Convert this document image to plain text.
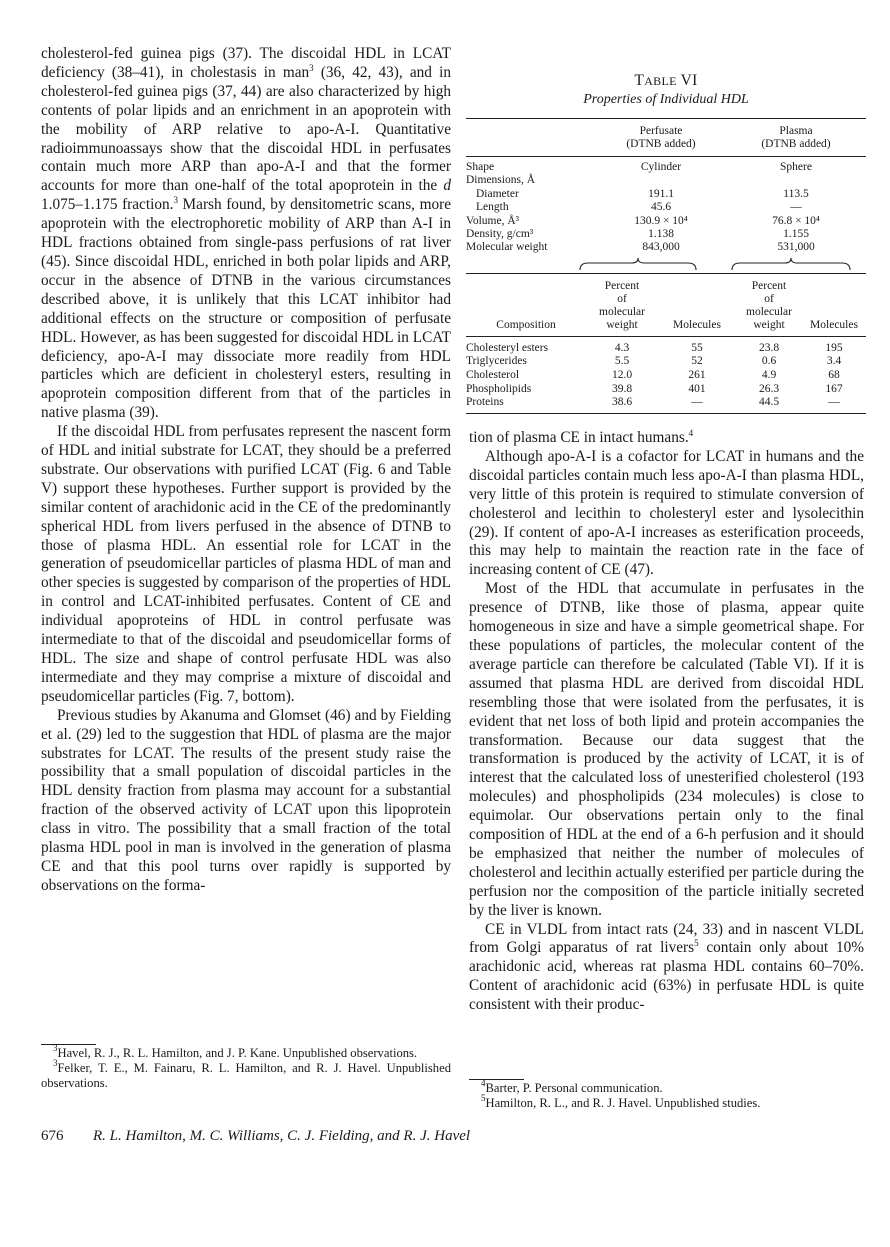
cholesterol-fed guinea pigs (37). The discoidal HDL in LCAT deficiency (38–41), in cholestasis in man$^3$ (36, 42, 43), and in cholesterol-fed guinea pigs (37, 44) are also characterized by high contents of polar lipids and an enrichment in an apoprotein with the mobility of ARP relative to apo-A-I. Quantitative radioimmunoassays show that the discoidal HDL in perfusates contain much more ARP than apo-A-I and that the former accounts for more than one-half of the total apoprotein in the d 1.075–1.175 fraction.$^3$ Marsh found, by densitometric scans, more apoprotein with the electrophoretic mobility of ARP than A-I in HDL fractions obtained from single-pass perfusions of rat liver (45). Since discoidal HDL, enriched in both polar lipids and ARP, occur in the absence of DTNB in the various circumstances described above, it is unlikely that this LCAT inhibitor had additional effects on the structure or composition of perfusate HDL. However, as has been suggested for discoidal HDL in LCAT deficiency, apo-A-I may dissociate more readily from HDL particles which are deficient in cholesteryl esters, resulting in apoprotein composition different from that of the particles in native plasma (39).

If the discoidal HDL from perfusates represent the nascent form of HDL and initial substrate for LCAT, they should be a preferred substrate. Our observations with purified LCAT (Fig. 6 and Table V) support these hypotheses. Further support is provided by the similar content of arachidonic acid in the CE of the predominantly spherical HDL from livers perfused in the absence of DTNB to those of plasma HDL. An essential role for LCAT in the generation of pseudomicellar particles of plasma HDL of man and other species is suggested by comparison of the properties of HDL in control and LCAT-inhibited perfusates. Content of CE and individual apoproteins of HDL in control perfusate was intermediate to that of the discoidal and pseudomicellar forms of HDL. The size and shape of control perfusate HDL was also intermediate and they may comprise a mixture of discoidal and pseudomicellar particles (Fig. 7, bottom).

Previous studies by Akanuma and Glomset (46) and by Fielding et al. (29) led to the suggestion that HDL of plasma are the major substrates for LCAT. The results of the present study raise the possibility that a small population of discoidal particles in the HDL density fraction from plasma may account for a substantial fraction of the observed activity of LCAT upon this lipoprotein class in vitro. The possibility that a small fraction of the total plasma HDL pool in man is involved in the generation of plasma CE and that this pool turns over rapidly is supported by observations on the forma-

$^3$Havel, R. J., R. L. Hamilton, and J. P. Kane. Unpublished observations.

$^3$Felker, T. E., M. Fainaru, R. L. Hamilton, and R. J. Havel. Unpublished observations.

TABLE VI

Properties of Individual HDL

Perfusate
(DTNB added)
Plasma
(DTNB added)
Shape	Cylinder	Sphere
Dimensions, Å
Diameter	191.1	113.5
Length	45.6	—
Volume, Å³	130.9 × 10⁴	76.8 × 10⁴
Density, g/cm³	1.138	1.155
Molecular weight	843,000	531,000
Composition
Percent
of
molecular
weight	Molecules
Percent
of
molecular
weight	Molecules
Cholesteryl esters	4.3	55	23.8	195
Triglycerides	5.5	52	0.6	3.4
Cholesterol	12.0	261	4.9	68
Phospholipids	39.8	401	26.3	167
Proteins	38.6	—	44.5	—

tion of plasma CE in intact humans.$^4$

Although apo-A-I is a cofactor for LCAT in humans and the discoidal particles contain much less apo-A-I than plasma HDL, very little of this protein is required to stimulate conversion of cholesterol and lecithin to cholesteryl ester and lysolecithin (29). If content of apo-A-I increases as esterification proceeds, this may help to maintain the reaction rate in the face of increasing content of CE (47).

Most of the HDL that accumulate in perfusates in the presence of DTNB, like those of plasma, appear quite homogeneous in size and have a simple geometrical shape. For these populations of particles, the molecular content of the average particle can therefore be calculated (Table VI). If it is assumed that plasma HDL are derived from discoidal HDL resembling those that were isolated from the perfusates, it is evident that net loss of both lipid and protein accompanies the transformation. Because our data suggest that the transformation is produced by the activity of LCAT, it is of interest that the calculated loss of unesterified cholesterol (193 molecules) and phospholipids (234 molecules) is close to equimolar. Our observations pertain only to the final composition of HDL at the end of a 6-h perfusion and it should be emphasized that neither the number of molecules of cholesterol and lecithin actually esterified per particle during the perfusion nor the composition of the particle initially secreted by the liver is known.

CE in VLDL from intact rats (24, 33) and in nascent VLDL from Golgi apparatus of rat livers$^5$ contain only about 10% arachidonic acid, whereas rat plasma HDL contains 60–70%. Content of arachidonic acid (63%) in perfusate HDL is quite consistent with their produc-

$^4$Barter, P. Personal communication.

$^5$Hamilton, R. L., and R. J. Havel. Unpublished studies.

676 R. L. Hamilton, M. C. Williams, C. J. Fielding, and R. J. Havel
